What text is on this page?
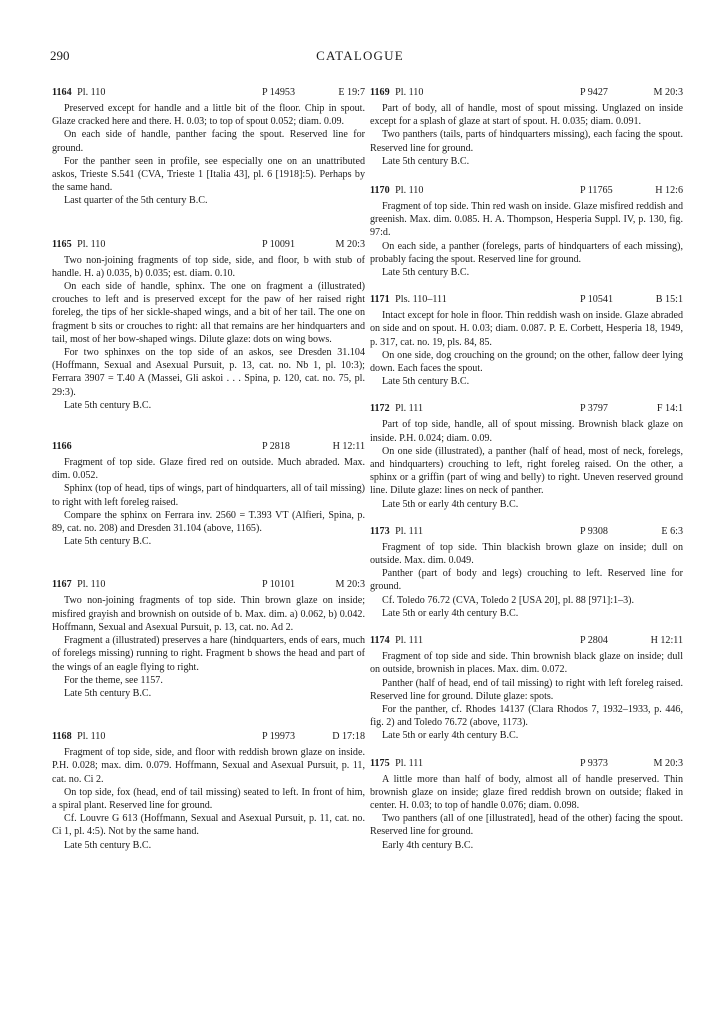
290	CATALOGUE
1164 Pl. 110	P 14953	E 19:7

Preserved except for handle and a little bit of the floor. Chip in spout. Glaze cracked here and there. H. 0.03; to top of spout 0.052; diam. 0.09.

On each side of handle, panther facing the spout. Reserved line for ground.

For the panther seen in profile, see especially one on an unattributed askos, Trieste S.541 (CVA, Trieste 1 [Italia 43], pl. 6 [1918]:5). Perhaps by the same hand.

Last quarter of the 5th century B.C.

1165 Pl. 110	P 10091	M 20:3

Two non-joining fragments of top side, side, and floor, b with stub of handle. H. a) 0.035, b) 0.035; est. diam. 0.10.

On each side of handle, sphinx. The one on fragment a (illustrated) crouches to left and is preserved except for the paw of her raised right foreleg, the tips of her sickle-shaped wings, and a bit of her tail. The one on fragment b sits or crouches to right: all that remains are her hindquarters and tail, most of her bow-shaped wings. Dilute glaze: dots on wing bows.

For two sphinxes on the top side of an askos, see Dresden 31.104 (Hoffmann, Sexual and Asexual Pursuit, p. 13, cat. no. Nb 1, pl. 10:3); Ferrara 3907 = T.40 A (Massei, Gli askoi . . . Spina, p. 120, cat. no. 75, pl. 29:3).

Late 5th century B.C.

1166	P 2818	H 12:11

Fragment of top side. Glaze fired red on outside. Much abraded. Max. dim. 0.052.

Sphinx (top of head, tips of wings, part of hindquarters, all of tail missing) to right with left foreleg raised.

Compare the sphinx on Ferrara inv. 2560 = T.393 VT (Alfieri, Spina, p. 89, cat. no. 208) and Dresden 31.104 (above, 1165).

Late 5th century B.C.

1167 Pl. 110	P 10101	M 20:3

Two non-joining fragments of top side. Thin brown glaze on inside; misfired grayish and brownish on outside of b. Max. dim. a) 0.062, b) 0.042. Hoffmann, Sexual and Asexual Pursuit, p. 13, cat. no. Ad 2.

Fragment a (illustrated) preserves a hare (hindquarters, ends of ears, much of forelegs missing) running to right. Fragment b shows the head and part of the wings of an eagle flying to right.

For the theme, see 1157.

Late 5th century B.C.

1168 Pl. 110	P 19973	D 17:18

Fragment of top side, side, and floor with reddish brown glaze on inside. P.H. 0.028; max. dim. 0.079. Hoffmann, Sexual and Asexual Pursuit, p. 11, cat. no. Ci 2.

On top side, fox (head, end of tail missing) seated to left. In front of him, a spiral plant. Reserved line for ground.

Cf. Louvre G 613 (Hoffmann, Sexual and Asexual Pursuit, p. 11, cat. no. Ci 1, pl. 4:5). Not by the same hand.

Late 5th century B.C.

1169 Pl. 110	P 9427	M 20:3

Part of body, all of handle, most of spout missing. Unglazed on inside except for a splash of glaze at start of spout. H. 0.035; diam. 0.091.

Two panthers (tails, parts of hindquarters missing), each facing the spout. Reserved line for ground.

Late 5th century B.C.

1170 Pl. 110	P 11765	H 12:6

Fragment of top side. Thin red wash on inside. Glaze misfired reddish and greenish. Max. dim. 0.085. H. A. Thompson, Hesperia Suppl. IV, p. 130, fig. 97:d.

On each side, a panther (forelegs, parts of hindquarters of each missing), probably facing the spout. Reserved line for ground.

Late 5th century B.C.

1171 Pls. 110–111	P 10541	B 15:1

Intact except for hole in floor. Thin reddish wash on inside. Glaze abraded on side and on spout. H. 0.03; diam. 0.087. P. E. Corbett, Hesperia 18, 1949, p. 317, cat. no. 19, pls. 84, 85.

On one side, dog crouching on the ground; on the other, fallow deer lying down. Each faces the spout.

Late 5th century B.C.

1172 Pl. 111	P 3797	F 14:1

Part of top side, handle, all of spout missing. Brownish black glaze on inside. P.H. 0.024; diam. 0.09.

On one side (illustrated), a panther (half of head, most of neck, forelegs, and hindquarters) crouching to left, right foreleg raised. On the other, a sphinx or a griffin (part of wing and belly) to right. Uneven reserved ground line. Dilute glaze: lines on neck of panther.

Late 5th or early 4th century B.C.

1173 Pl. 111	P 9308	E 6:3

Fragment of top side. Thin blackish brown glaze on inside; dull on outside. Max. dim. 0.049.

Panther (part of body and legs) crouching to left. Reserved line for ground.

Cf. Toledo 76.72 (CVA, Toledo 2 [USA 20], pl. 88 [971]:1–3).

Late 5th or early 4th century B.C.

1174 Pl. 111	P 2804	H 12:11

Fragment of top side and side. Thin brownish black glaze on inside; dull on outside, brownish in places. Max. dim. 0.072.

Panther (half of head, end of tail missing) to right with left foreleg raised. Reserved line for ground. Dilute glaze: spots.

For the panther, cf. Rhodes 14137 (Clara Rhodos 7, 1932–1933, p. 446, fig. 2) and Toledo 76.72 (above, 1173).

Late 5th or early 4th century B.C.

1175 Pl. 111	P 9373	M 20:3

A little more than half of body, almost all of handle preserved. Thin brownish glaze on inside; glaze fired reddish brown on outside; flaked in center. H. 0.03; to top of handle 0.076; diam. 0.098.

Two panthers (all of one [illustrated], head of the other) facing the spout. Reserved line for ground.

Early 4th century B.C.
